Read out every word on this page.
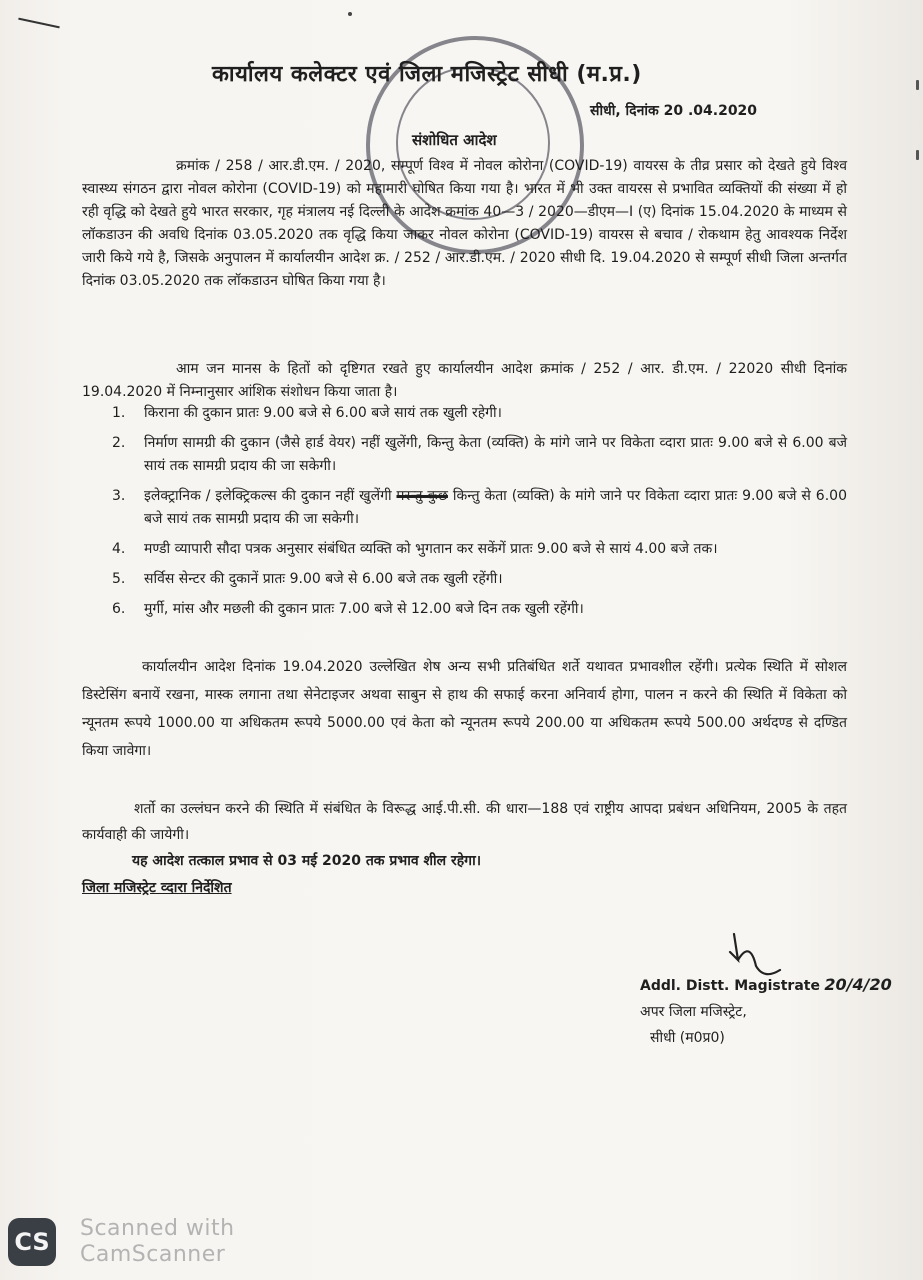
कार्यालय कलेक्टर एवं जिला मजिस्ट्रेट सीधी (म.प्र.)
सीधी, दिनांक 20 .04.2020
संशोधित आदेश
क्रमांक / 258 / आर.डी.एम. / 2020, सम्पूर्ण विश्व में नोवल कोरोना (COVID-19) वायरस के तीव्र प्रसार को देखते हुये विश्व स्वास्थ्य संगठन द्वारा नोवल कोरोना (COVID-19) को महामारी घोषित किया गया है। भारत में भी उक्त वायरस से प्रभावित व्यक्तियों की संख्या में हो रही वृद्धि को देखते हुये भारत सरकार, गृह मंत्रालय नई दिल्ली के आदेश क्रमांक 40—3 / 2020—डीएम—I (ए) दिनांक 15.04.2020 के माध्यम से लॉकडाउन की अवधि दिनांक 03.05.2020 तक वृद्धि किया जाकर नोवल कोरोना (COVID-19) वायरस से बचाव / रोकथाम हेतु आवश्यक निर्देश जारी किये गये है, जिसके अनुपालन में कार्यालयीन आदेश क्र. / 252 / आर.डी.एम. / 2020 सीधी दि. 19.04.2020 से सम्पूर्ण सीधी जिला अन्तर्गत दिनांक 03.05.2020 तक लॉकडाउन घोषित किया गया है।
आम जन मानस के हितों को दृष्टिगत रखते हुए कार्यालयीन आदेश क्रमांक / 252 / आर. डी.एम. / 22020 सीधी दिनांक 19.04.2020 में निम्नानुसार आंशिक संशोधन किया जाता है।
1. किराना की दुकान प्रातः 9.00 बजे से 6.00 बजे सायं तक खुली रहेगी।
2. निर्माण सामग्री की दुकान (जैसे हार्ड वेयर) नहीं खुलेंगी, किन्तु केता (व्यक्ति) के मांगे जाने पर विकेता व्दारा प्रातः 9.00 बजे से 6.00 बजे सायं तक सामग्री प्रदाय की जा सकेगी।
3. इलेक्ट्रानिक / इलेक्ट्रिकल्स की दुकान नहीं खुलेंगी परन्तु कुछ किन्तु केता (व्यक्ति) के मांगे जाने पर विकेता व्दारा प्रातः 9.00 बजे से 6.00 बजे सायं तक सामग्री प्रदाय की जा सकेगी।
4. मण्डी व्यापारी सौदा पत्रक अनुसार संबंधित व्यक्ति को भुगतान कर सकेंगें प्रातः 9.00 बजे से सायं 4.00 बजे तक।
5. सर्विस सेन्टर की दुकानें प्रातः 9.00 बजे से 6.00 बजे तक खुली रहेंगी।
6. मुर्गी, मांस और मछली की दुकान प्रातः 7.00 बजे से 12.00 बजे दिन तक खुली रहेंगी।
कार्यालयीन आदेश दिनांक 19.04.2020 उल्लेखित शेष अन्य सभी प्रतिबंधित शर्ते यथावत प्रभावशील रहेंगी। प्रत्येक स्थिति में सोशल डिस्टेसिंग बनायें रखना, मास्क लगाना तथा सेनेटाइजर अथवा साबुन से हाथ की सफाई करना अनिवार्य होगा, पालन न करने की स्थिति में विकेता को न्यूनतम रूपये 1000.00 या अधिकतम रूपये 5000.00 एवं केता को न्यूनतम रूपये 200.00 या अधिकतम रूपये 500.00 अर्थदण्ड से दण्डित किया जावेगा।
शर्तो का उल्लंघन करने की स्थिति में संबंधित के विरूद्ध आई.पी.सी. की धारा—188 एवं राष्ट्रीय आपदा प्रबंधन अधिनियम, 2005 के तहत कार्यवाही की जायेगी।
यह आदेश तत्काल प्रभाव से 03 मई 2020 तक प्रभाव शील रहेगा।
जिला मजिस्ट्रेट व्दारा निर्देशित
Addl. Distt. Magistrate 20/4/20
अपर जिला मजिस्ट्रेट,
सीधी (म0प्र0)
CS Scanned with
CamScanner
